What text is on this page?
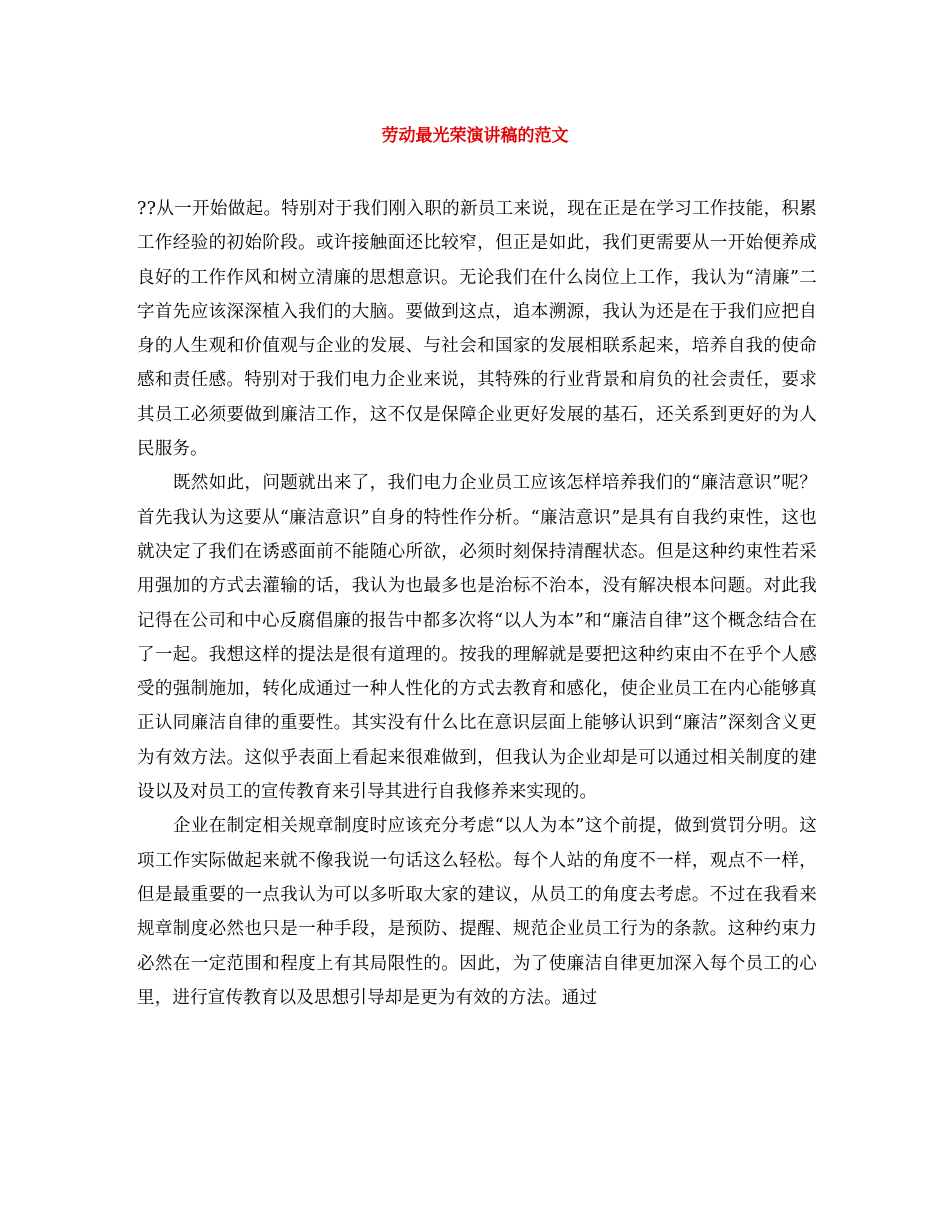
劳动最光荣演讲稿的范文

??从一开始做起。特别对于我们刚入职的新员工来说，现在正是在学习工作技能，积累工作经验的初始阶段。或许接触面还比较窄，但正是如此，我们更需要从一开始便养成良好的工作作风和树立清廉的思想意识。无论我们在什么岗位上工作，我认为“清廉”二字首先应该深深植入我们的大脑。要做到这点，追本溯源，我认为还是在于我们应把自身的人生观和价值观与企业的发展、与社会和国家的发展相联系起来，培养自我的使命感和责任感。特别对于我们电力企业来说，其特殊的行业背景和肩负的社会责任，要求其员工必须要做到廉洁工作，这不仅是保障企业更好发展的基石，还关系到更好的为人民服务。

既然如此，问题就出来了，我们电力企业员工应该怎样培养我们的“廉洁意识”呢？首先我认为这要从“廉洁意识”自身的特性作分析。“廉洁意识”是具有自我约束性，这也就决定了我们在诱惑面前不能随心所欲，必须时刻保持清醒状态。但是这种约束性若采用强加的方式去灌输的话，我认为也最多也是治标不治本，没有解决根本问题。对此我记得在公司和中心反腐倡廉的报告中都多次将“以人为本”和“廉洁自律”这个概念结合在了一起。我想这样的提法是很有道理的。按我的理解就是要把这种约束由不在乎个人感受的强制施加，转化成通过一种人性化的方式去教育和感化，使企业员工在内心能够真正认同廉洁自律的重要性。其实没有什么比在意识层面上能够认识到“廉洁”深刻含义更为有效方法。这似乎表面上看起来很难做到，但我认为企业却是可以通过相关制度的建设以及对员工的宣传教育来引导其进行自我修养来实现的。

企业在制定相关规章制度时应该充分考虑“以人为本”这个前提，做到赏罚分明。这项工作实际做起来就不像我说一句话这么轻松。每个人站的角度不一样，观点不一样，但是最重要的一点我认为可以多听取大家的建议，从员工的角度去考虑。不过在我看来规章制度必然也只是一种手段，是预防、提醒、规范企业员工行为的条款。这种约束力必然在一定范围和程度上有其局限性的。因此，为了使廉洁自律更加深入每个员工的心里，进行宣传教育以及思想引导却是更为有效的方法。通过
